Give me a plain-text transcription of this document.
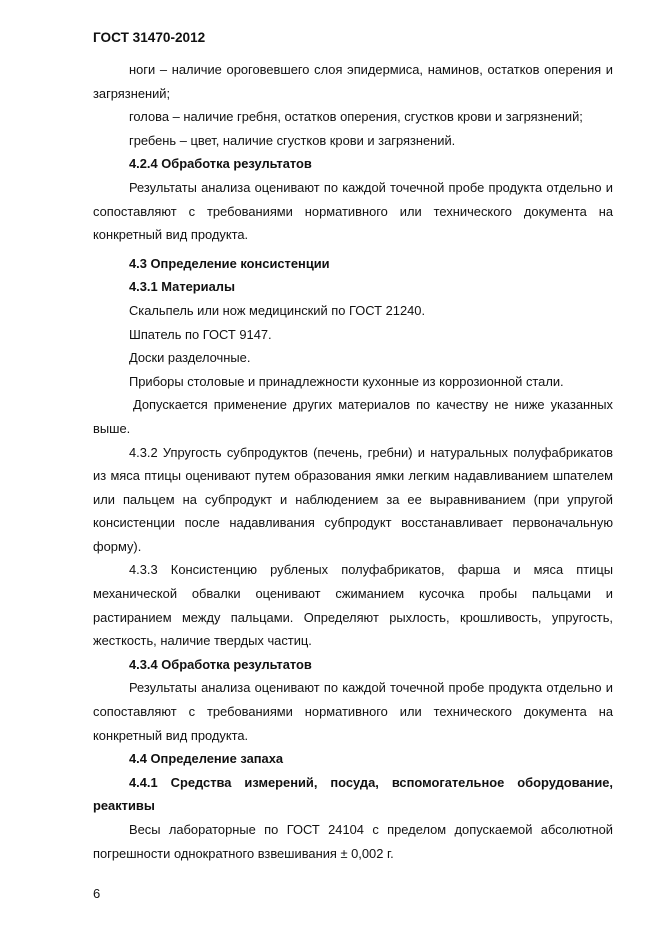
ГОСТ 31470-2012

ноги – наличие ороговевшего слоя эпидермиса, наминов, остатков оперения и загрязнений;

голова – наличие гребня, остатков оперения, сгустков крови и загрязнений;

гребень – цвет, наличие сгустков крови и загрязнений.

4.2.4 Обработка результатов

Результаты анализа оценивают по каждой точечной пробе продукта отдельно и сопоставляют с требованиями нормативного или технического документа на конкретный вид продукта.

4.3 Определение консистенции

4.3.1 Материалы

Скальпель или нож медицинский по ГОСТ 21240.

Шпатель по ГОСТ 9147.

Доски разделочные.

Приборы столовые и принадлежности кухонные из коррозионной стали.

Допускается применение других материалов по качеству не ниже указанных выше.

4.3.2 Упругость субпродуктов (печень, гребни) и натуральных полуфабрикатов из мяса птицы оценивают путем образования ямки легким надавливанием шпателем или пальцем на субпродукт и наблюдением за ее выравниванием (при упругой консистенции после надавливания субпродукт восстанавливает первоначальную форму).

4.3.3 Консистенцию рубленых полуфабрикатов, фарша и мяса птицы механической обвалки оценивают сжиманием кусочка пробы пальцами и растиранием между пальцами. Определяют рыхлость, крошливость, упругость, жесткость, наличие твердых частиц.

4.3.4 Обработка результатов

Результаты анализа оценивают по каждой точечной пробе продукта отдельно и сопоставляют с требованиями нормативного или технического документа на конкретный вид продукта.

4.4 Определение запаха

4.4.1 Средства измерений, посуда, вспомогательное оборудование, реактивы

Весы лабораторные по ГОСТ 24104 с пределом допускаемой абсолютной погрешности однократного взвешивания ± 0,002 г.

6
